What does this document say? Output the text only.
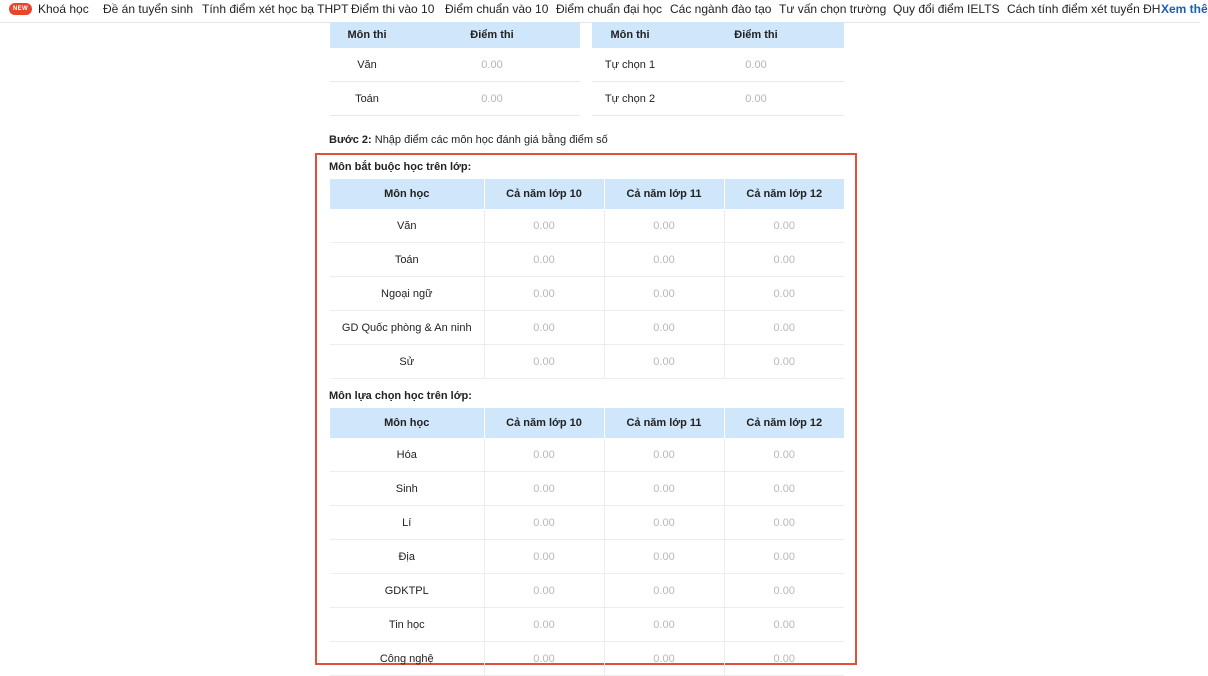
NEW Khoá học Đề án tuyển sinh Tính điểm xét học bạ THPT Điểm thi vào 10 Điểm chuẩn vào 10 Điểm chuẩn đại học Các ngành đào tạo Tư vấn chọn trường Quy đổi điểm IELTS Cách tính điểm xét tuyển ĐH Xem thê
Môn thi	Điểm thi
Văn	0.00
Toán	0.00
Môn thi	Điểm thi
Tự chọn 1	0.00
Tự chọn 2	0.00
Bước 2: Nhập điểm các môn học đánh giá bằng điểm số
Môn bắt buộc học trên lớp:
Môn học	Cả năm lớp 10	Cả năm lớp 11	Cả năm lớp 12
Văn	0.00	0.00	0.00
Toán	0.00	0.00	0.00
Ngoại ngữ	0.00	0.00	0.00
GD Quốc phòng & An ninh	0.00	0.00	0.00
Sử	0.00	0.00	0.00
Môn lựa chọn học trên lớp:
Môn học	Cả năm lớp 10	Cả năm lớp 11	Cả năm lớp 12
Hóa	0.00	0.00	0.00
Sinh	0.00	0.00	0.00
Lí	0.00	0.00	0.00
Địa	0.00	0.00	0.00
GDKTPL	0.00	0.00	0.00
Tin học	0.00	0.00	0.00
Công nghệ	0.00	0.00	0.00
